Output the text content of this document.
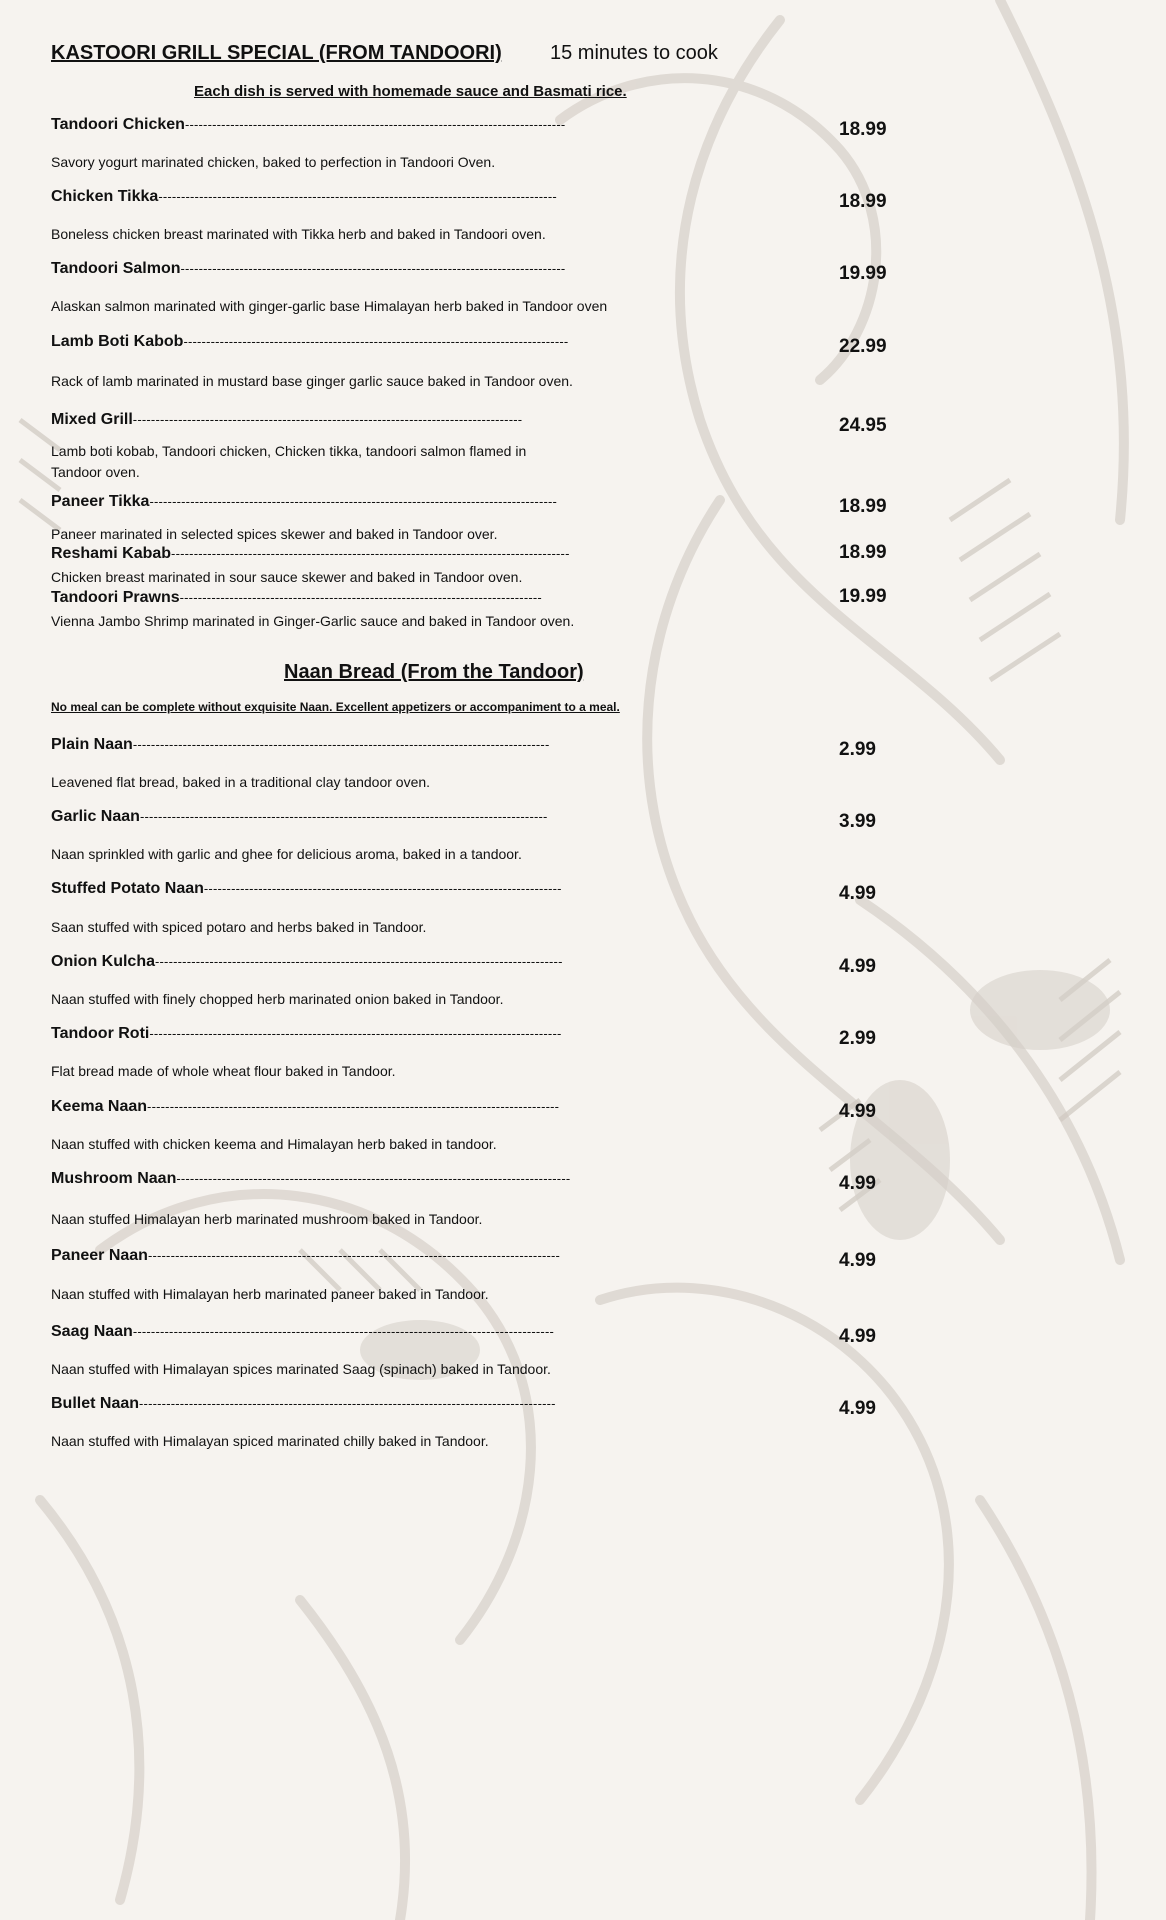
KASTOORI GRILL SPECIAL (FROM TANDOORI) 15 minutes to cook
Each dish is served with homemade sauce and Basmati rice.
Tandoori Chicken ------------------------------------------------------------------------------------
Savory yogurt marinated chicken, baked to perfection in Tandoori Oven.
18.99
Chicken Tikka ----------------------------------------------------------------------------------------
Boneless chicken breast marinated with Tikka herb and baked in Tandoori oven.
18.99
Tandoori Salmon -------------------------------------------------------------------------------------
Alaskan salmon marinated with ginger-garlic base Himalayan herb baked in Tandoor oven
19.99
Lamb Boti Kabob -------------------------------------------------------------------------------------
Rack of lamb marinated in mustard base ginger garlic sauce baked in Tandoor oven.
22.99
Mixed Grill --------------------------------------------------------------------------------------
Lamb boti kobab, Tandoori chicken, Chicken tikka, tandoori salmon flamed in
Tandoor oven.
24.95
Paneer Tikka ------------------------------------------------------------------------------------------
Paneer marinated in selected spices skewer and baked in Tandoor over.
18.99
Reshami Kabab ----------------------------------------------------------------------------------------
Chicken breast marinated in sour sauce skewer and baked in Tandoor oven.
18.99
Tandoori Prawns --------------------------------------------------------------------------------
Vienna Jambo Shrimp marinated in Ginger-Garlic sauce and baked in Tandoor oven.
19.99
Naan Bread (From the Tandoor)
No meal can be complete without exquisite Naan. Excellent appetizers or accompaniment to a meal.
Plain Naan --------------------------------------------------------------------------------------------
Leavened flat bread, baked in a traditional clay tandoor oven.
2.99
Garlic Naan ------------------------------------------------------------------------------------------
Naan sprinkled with garlic and ghee for delicious aroma, baked in a tandoor.
3.99
Stuffed Potato Naan -------------------------------------------------------------------------------
Saan stuffed with spiced potaro and herbs baked in Tandoor.
4.99
Onion Kulcha ------------------------------------------------------------------------------------------
Naan stuffed with finely chopped herb marinated onion baked in Tandoor.
4.99
Tandoor Roti -------------------------------------------------------------------------------------------
Flat bread made of whole wheat flour baked in Tandoor.
2.99
Keema Naan -------------------------------------------------------------------------------------------
Naan stuffed with chicken keema and Himalayan herb baked in tandoor.
4.99
Mushroom Naan ---------------------------------------------------------------------------------------
Naan stuffed Himalayan herb marinated mushroom baked in Tandoor.
4.99
Paneer Naan -------------------------------------------------------------------------------------------
Naan stuffed with Himalayan herb marinated paneer baked in Tandoor.
4.99
Saag Naan ---------------------------------------------------------------------------------------------
Naan stuffed with Himalayan spices marinated Saag (spinach) baked in Tandoor.
4.99
Bullet Naan --------------------------------------------------------------------------------------------
Naan stuffed with Himalayan spiced marinated chilly baked in Tandoor.
4.99
